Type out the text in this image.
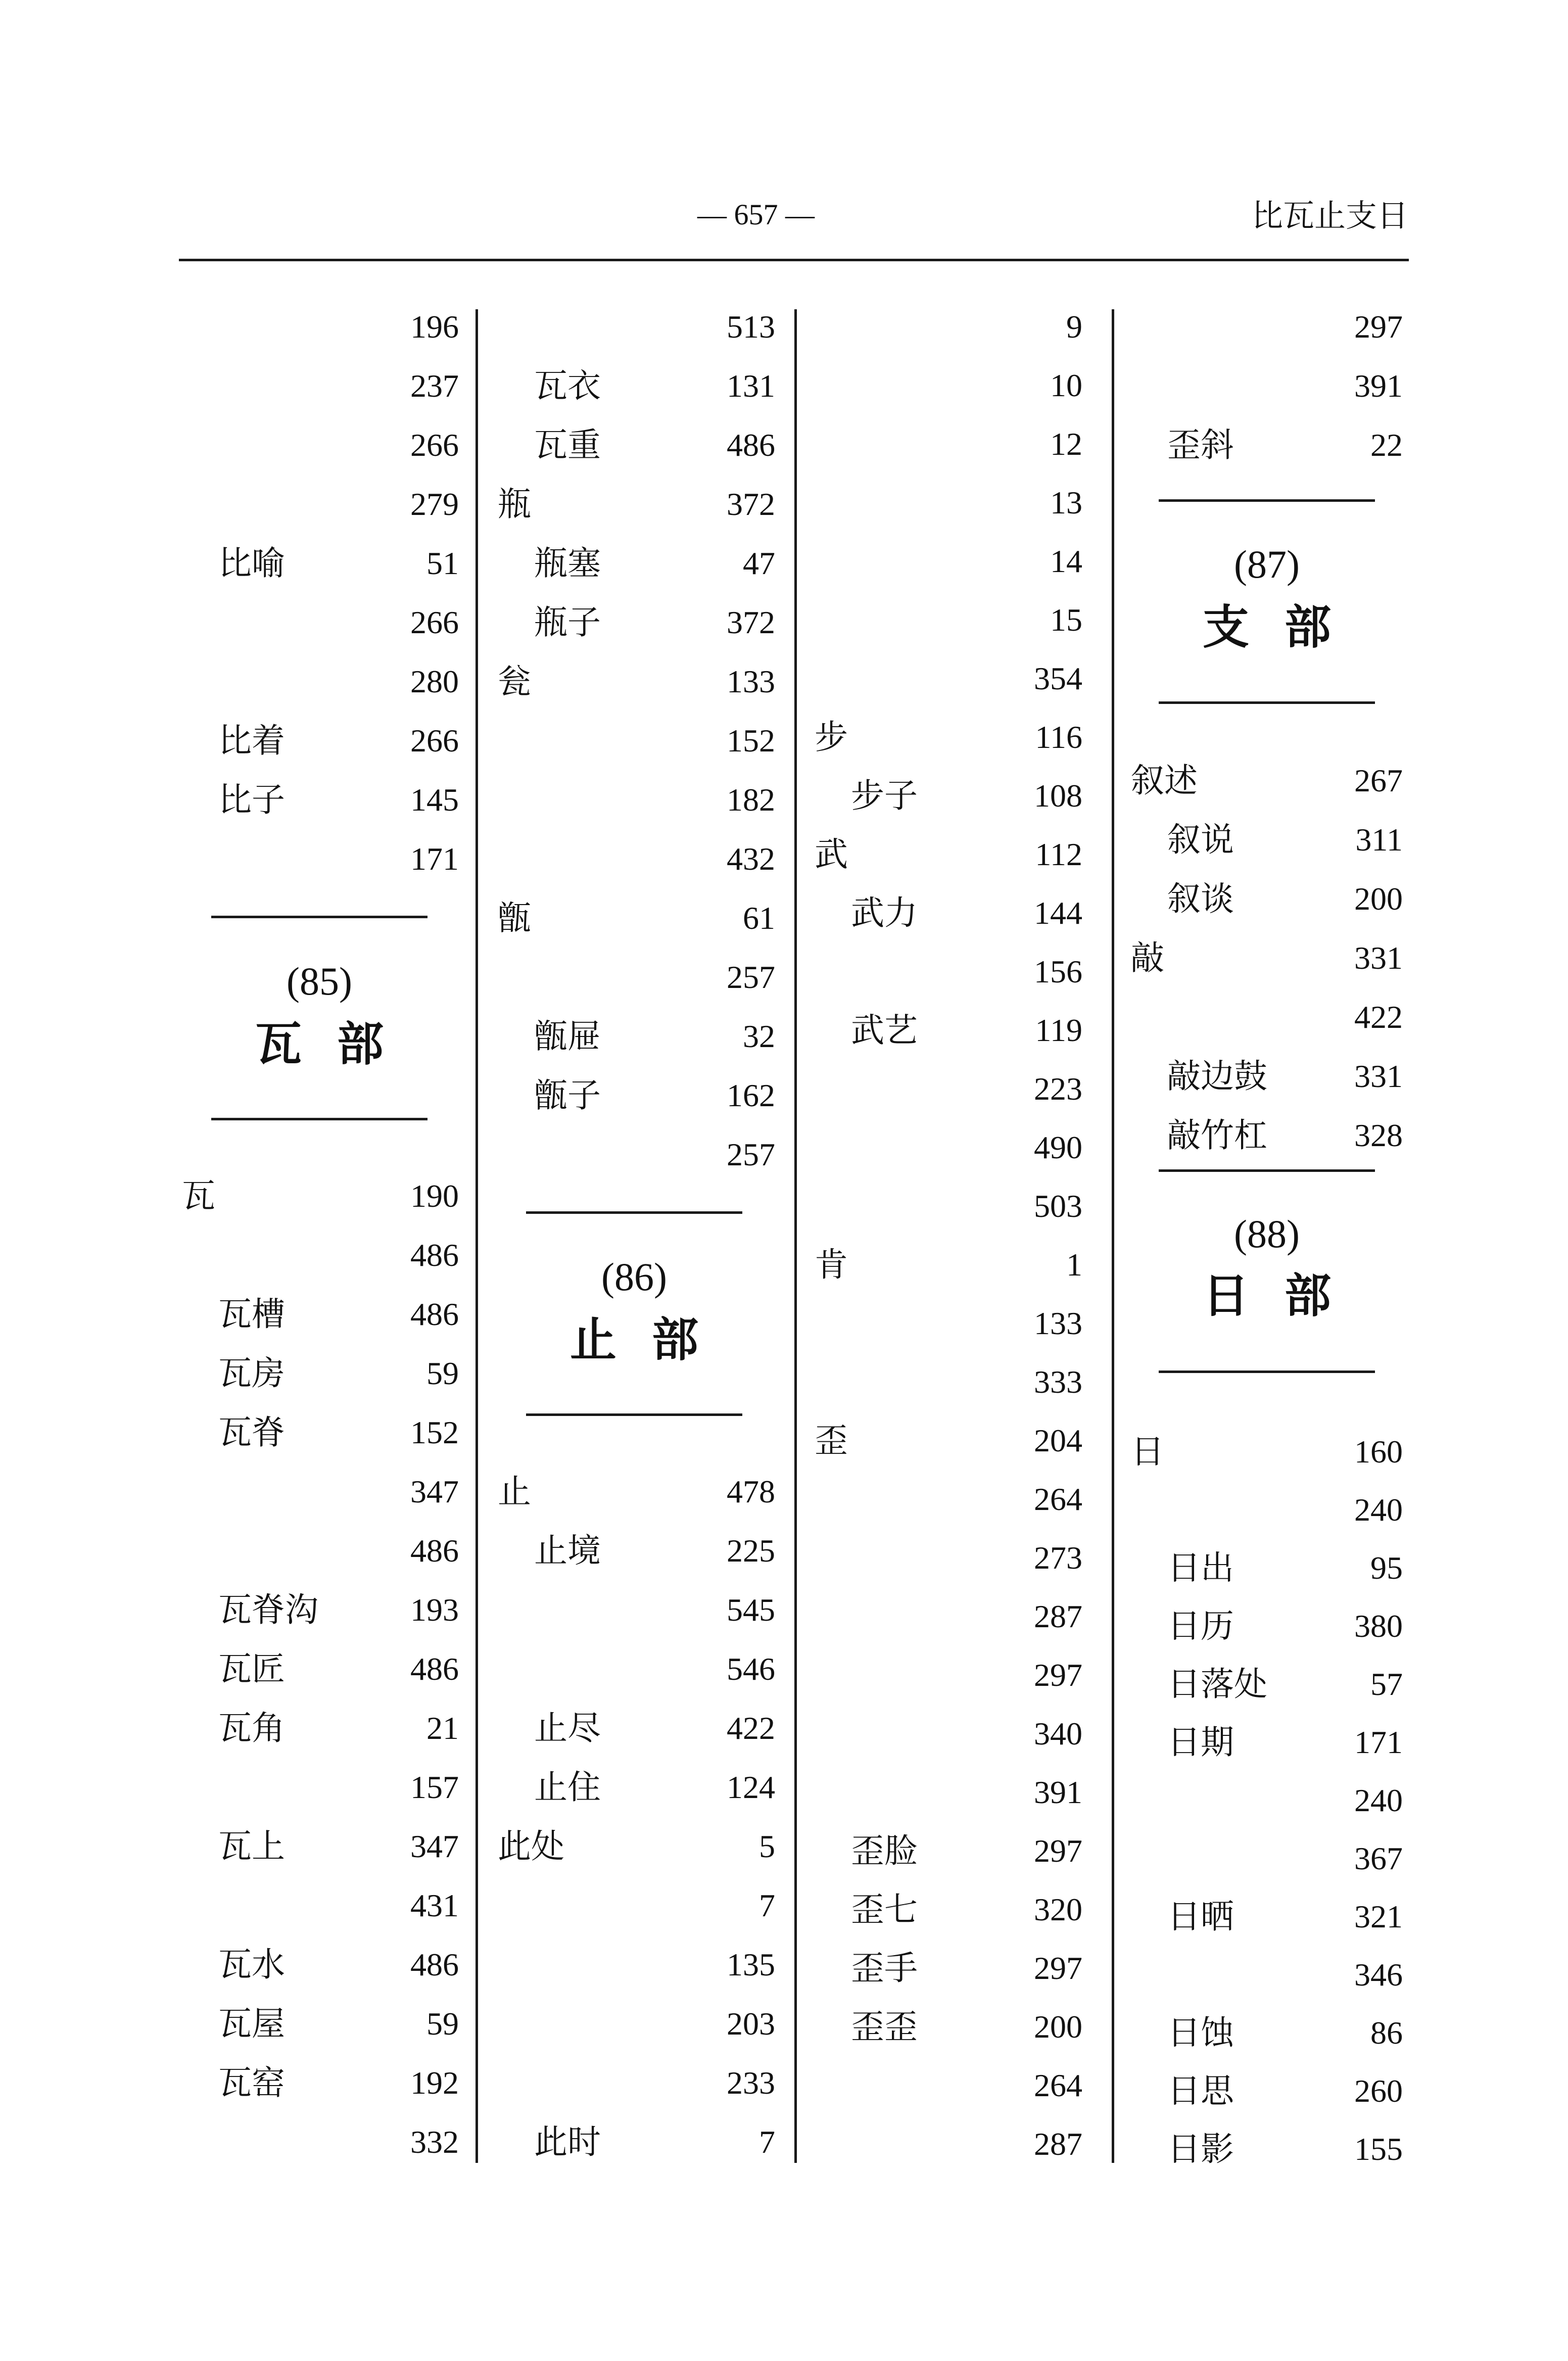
— 657 —	比瓦止支日
196
237
266
279
比喻	51
266
280
比着	266
比子	145
171
(85)
瓦部
瓦	190
486
瓦槽	486
瓦房	59
瓦脊	152
347
486
瓦脊沟	193
瓦匠	486
瓦角	21
157
瓦上	347
431
瓦水	486
瓦屋	59
瓦窑	192
332
513
瓦衣	131
瓦重	486
瓶	372
瓶塞	47
瓶子	372
瓮	133
152
182
432
甑	61
257
甑屉	32
甑子	162
257
(86)
止部
止	478
止境	225
545
546
止尽	422
止住	124
此处	5
7
135
203
233
此时	7
9
10
12
13
14
15
354
步	116
步子	108
武	112
武力	144
156
武艺	119
223
490
503
肯	1
133
333
歪	204
264
273
287
297
340
391
歪脸	297
歪七	320
歪手	297
歪歪	200
264
287
297
391
歪斜	22
(87)
支部
叙述	267
叙说	311
叙谈	200
敲	331
422
敲边鼓	331
敲竹杠	328
(88)
日部
日	160
240
日出	95
日历	380
日落处	57
日期	171
240
367
日晒	321
346
日蚀	86
日思	260
日影	155
